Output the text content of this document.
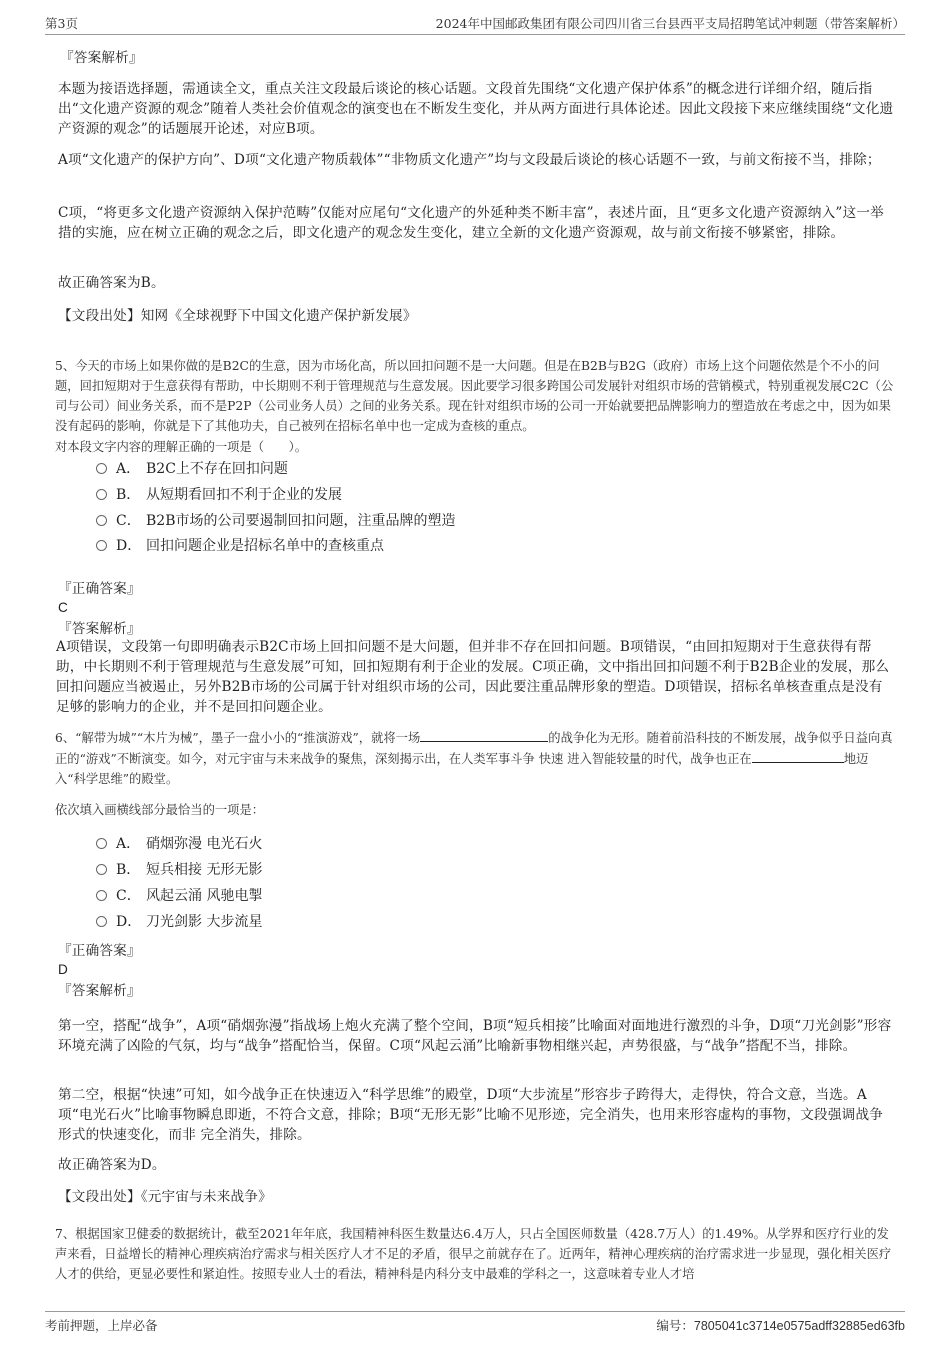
第3页	2024年中国邮政集团有限公司四川省三台县西平支局招聘笔试冲刺题（带答案解析）
『答案解析』
本题为接语选择题，需通读全文，重点关注文段最后谈论的核心话题。文段首先围绕“文化遗产保护体系”的概念进行详细介绍，随后指出“文化遗产资源的观念”随着人类社会价值观念的演变也在不断发生变化，并从两方面进行具体论述。因此文段接下来应继续围绕“文化遗产资源的观念”的话题展开论述，对应B项。
A项“文化遗产的保护方向”、D项“文化遗产物质载体”“非物质文化遗产”均与文段最后谈论的核心话题不一致，与前文衔接不当，排除；
C项，“将更多文化遗产资源纳入保护范畴”仅能对应尾句“文化遗产的外延种类不断丰富”，表述片面，且“更多文化遗产资源纳入”这一举措的实施，应在树立正确的观念之后，即文化遗产的观念发生变化，建立全新的文化遗产资源观，故与前文衔接不够紧密，排除。
故正确答案为B。
【文段出处】知网《全球视野下中国文化遗产保护新发展》
5、今天的市场上如果你做的是B2C的生意，因为市场化高，所以回扣问题不是一大问题。但是在B2B与B2G（政府）市场上这个问题依然是个不小的问题，回扣短期对于生意获得有帮助，中长期则不利于管理规范与生意发展。因此要学习很多跨国公司发展针对组织市场的营销模式，特别重视发展C2C（公司与公司）间业务关系，而不是P2P（公司业务人员）之间的业务关系。现在针对组织市场的公司一开始就要把品牌影响力的塑造放在考虑之中，因为如果没有起码的影响，你就是下了其他功夫，自己被列在招标名单中也一定成为查核的重点。
对本段文字内容的理解正确的一项是（　　）。
A． B2C上不存在回扣问题
B． 从短期看回扣不利于企业的发展
C． B2B市场的公司要遏制回扣问题，注重品牌的塑造
D． 回扣问题企业是招标名单中的查核重点
『正确答案』
C
『答案解析』
A项错误，文段第一句即明确表示B2C市场上回扣问题不是大问题，但并非不存在回扣问题。B项错误，“由回扣短期对于生意获得有帮助，中长期则不利于管理规范与生意发展”可知，回扣短期有利于企业的发展。C项正确，文中指出回扣问题不利于B2B企业的发展，那么回扣问题应当被遏止，另外B2B市场的公司属于针对组织市场的公司，因此要注重品牌形象的塑造。D项错误，招标名单核查重点是没有足够的影响力的企业，并不是回扣问题企业。
6、“解带为城”“木片为械”，墨子一盘小小的“推演游戏”，就将一场	的战争化为无形。随着前沿科技的不断发展，战争似乎日益向真正的“游戏”不断演变。如今，对元宇宙与未来战争的聚焦，深刻揭示出，在人类军事斗争 快速 进入智能较量的时代，战争也正在	地迈入“科学思维”的殿堂。
依次填入画横线部分最恰当的一项是：
A． 硝烟弥漫 电光石火
B． 短兵相接 无形无影
C． 风起云涌 风驰电掣
D． 刀光剑影 大步流星
『正确答案』
D
『答案解析』
第一空，搭配“战争”，A项“硝烟弥漫”指战场上炮火充满了整个空间，B项“短兵相接”比喻面对面地进行激烈的斗争，D项“刀光剑影”形容环境充满了凶险的气氛，均与“战争”搭配恰当，保留。C项“风起云涌”比喻新事物相继兴起，声势很盛，与“战争”搭配不当，排除。
第二空，根据“快速”可知，如今战争正在快速迈入“科学思维”的殿堂，D项“大步流星”形容步子跨得大，走得快，符合文意，当选。A项“电光石火”比喻事物瞬息即逝，不符合文意，排除；B项“无形无影”比喻不见形迹，完全消失，也用来形容虚构的事物，文段强调战争形式的快速变化，而非 完全消失，排除。
故正确答案为D。
【文段出处】《元宇宙与未来战争》
7、根据国家卫健委的数据统计，截至2021年年底，我国精神科医生数量达6.4万人，只占全国医师数量（428.7万人）的1.49%。从学界和医疗行业的发声来看，日益增长的精神心理疾病治疗需求与相关医疗人才不足的矛盾，很早之前就存在了。近两年，精神心理疾病的治疗需求进一步显现，强化相关医疗人才的供给，更显必要性和紧迫性。按照专业人士的看法，精神科是内科分支中最难的学科之一，这意味着专业人才培
考前押题，上岸必备	编号：7805041c3714e0575adff32885ed63fb
